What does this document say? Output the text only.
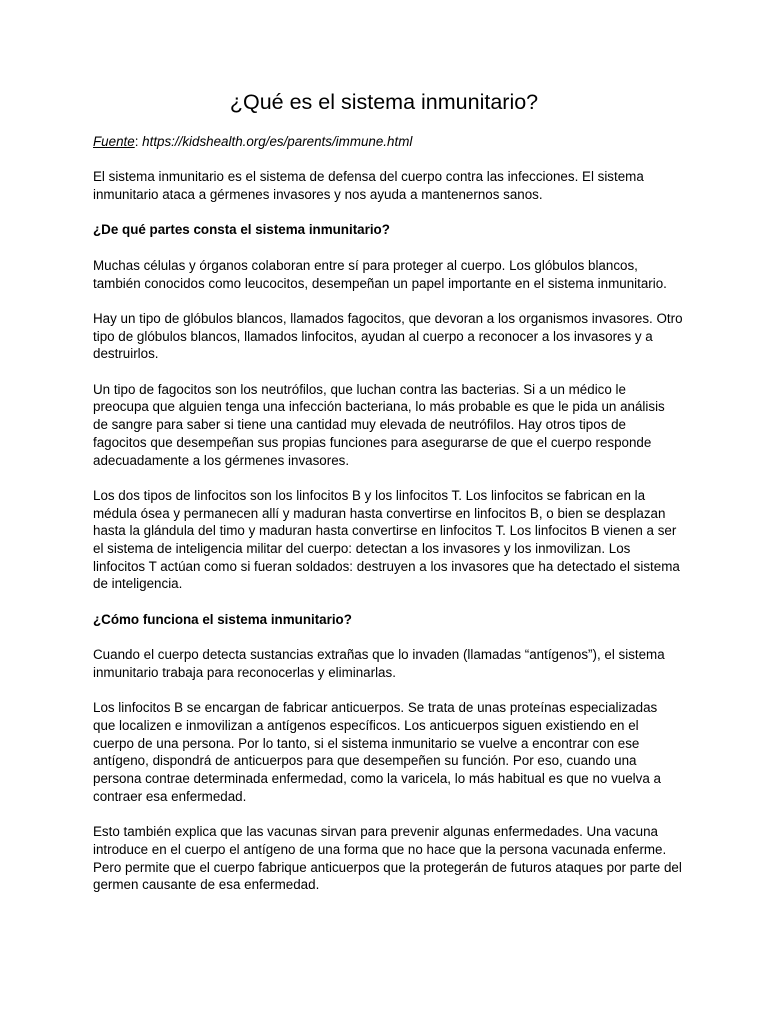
¿Qué es el sistema inmunitario?

Fuente: https://kidshealth.org/es/parents/immune.html

El sistema inmunitario es el sistema de defensa del cuerpo contra las infecciones. El sistema inmunitario ataca a gérmenes invasores y nos ayuda a mantenernos sanos.

¿De qué partes consta el sistema inmunitario?

Muchas células y órganos colaboran entre sí para proteger al cuerpo. Los glóbulos blancos, también conocidos como leucocitos, desempeñan un papel importante en el sistema inmunitario.

Hay un tipo de glóbulos blancos, llamados fagocitos, que devoran a los organismos invasores. Otro tipo de glóbulos blancos, llamados linfocitos, ayudan al cuerpo a reconocer a los invasores y a destruirlos.

Un tipo de fagocitos son los neutrófilos, que luchan contra las bacterias. Si a un médico le preocupa que alguien tenga una infección bacteriana, lo más probable es que le pida un análisis de sangre para saber si tiene una cantidad muy elevada de neutrófilos. Hay otros tipos de fagocitos que desempeñan sus propias funciones para asegurarse de que el cuerpo responde adecuadamente a los gérmenes invasores.

Los dos tipos de linfocitos son los linfocitos B y los linfocitos T. Los linfocitos se fabrican en la médula ósea y permanecen allí y maduran hasta convertirse en linfocitos B, o bien se desplazan hasta la glándula del timo y maduran hasta convertirse en linfocitos T. Los linfocitos B vienen a ser el sistema de inteligencia militar del cuerpo: detectan a los invasores y los inmovilizan. Los linfocitos T actúan como si fueran soldados: destruyen a los invasores que ha detectado el sistema de inteligencia.

¿Cómo funciona el sistema inmunitario?

Cuando el cuerpo detecta sustancias extrañas que lo invaden (llamadas “antígenos”), el sistema inmunitario trabaja para reconocerlas y eliminarlas.

Los linfocitos B se encargan de fabricar anticuerpos. Se trata de unas proteínas especializadas que localizen e inmovilizan a antígenos específicos. Los anticuerpos siguen existiendo en el cuerpo de una persona. Por lo tanto, si el sistema inmunitario se vuelve a encontrar con ese antígeno, dispondrá de anticuerpos para que desempeñen su función. Por eso, cuando una persona contrae determinada enfermedad, como la varicela, lo más habitual es que no vuelva a contraer esa enfermedad.

Esto también explica que las vacunas sirvan para prevenir algunas enfermedades. Una vacuna introduce en el cuerpo el antígeno de una forma que no hace que la persona vacunada enferme. Pero permite que el cuerpo fabrique anticuerpos que la protegerán de futuros ataques por parte del germen causante de esa enfermedad.
